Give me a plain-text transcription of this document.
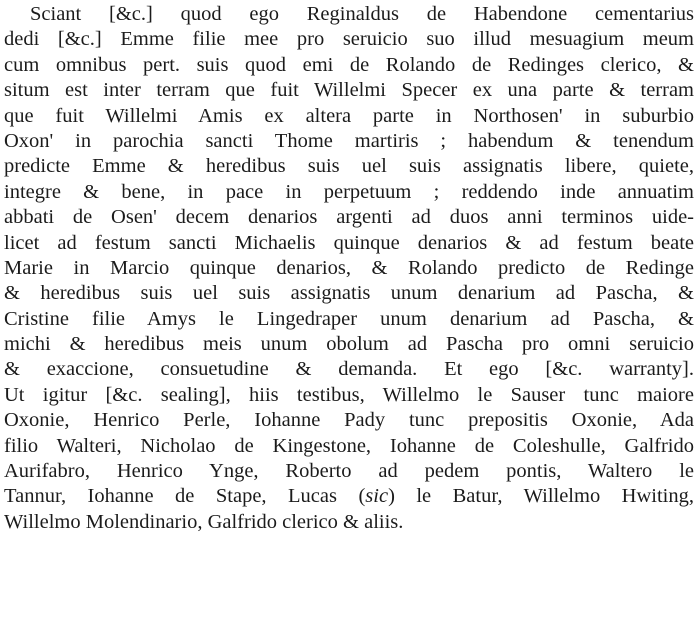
Sciant [&c.] quod ego Reginaldus de Habendone cementarius
dedi [&c.] Emme filie mee pro seruicio suo illud mesuagium meum
cum omnibus pert. suis quod emi de Rolando de Redinges clerico, &
situm est inter terram que fuit Willelmi Specer ex una parte & terram
que fuit Willelmi Amis ex altera parte in Northosen' in suburbio
Oxon' in parochia sancti Thome martiris ; habendum & tenendum
predicte Emme & heredibus suis uel suis assignatis libere, quiete,
integre & bene, in pace in perpetuum ; reddendo inde annuatim
abbati de Osen' decem denarios argenti ad duos anni terminos uide-
licet ad festum sancti Michaelis quinque denarios & ad festum beate
Marie in Marcio quinque denarios, & Rolando predicto de Redinge
& heredibus suis uel suis assignatis unum denarium ad Pascha, &
Cristine filie Amys le Lingedraper unum denarium ad Pascha, &
michi & heredibus meis unum obolum ad Pascha pro omni seruicio
& exaccione, consuetudine & demanda. Et ego [&c. warranty].
Ut igitur [&c. sealing], hiis testibus, Willelmo le Sauser tunc maiore
Oxonie, Henrico Perle, Iohanne Pady tunc prepositis Oxonie, Ada
filio Walteri, Nicholao de Kingestone, Iohanne de Coleshulle, Galfrido
Aurifabro, Henrico Ynge, Roberto ad pedem pontis, Waltero le
Tannur, Iohanne de Stape, Lucas (sic) le Batur, Willelmo Hwiting,
Willelmo Molendinario, Galfrido clerico & aliis.
